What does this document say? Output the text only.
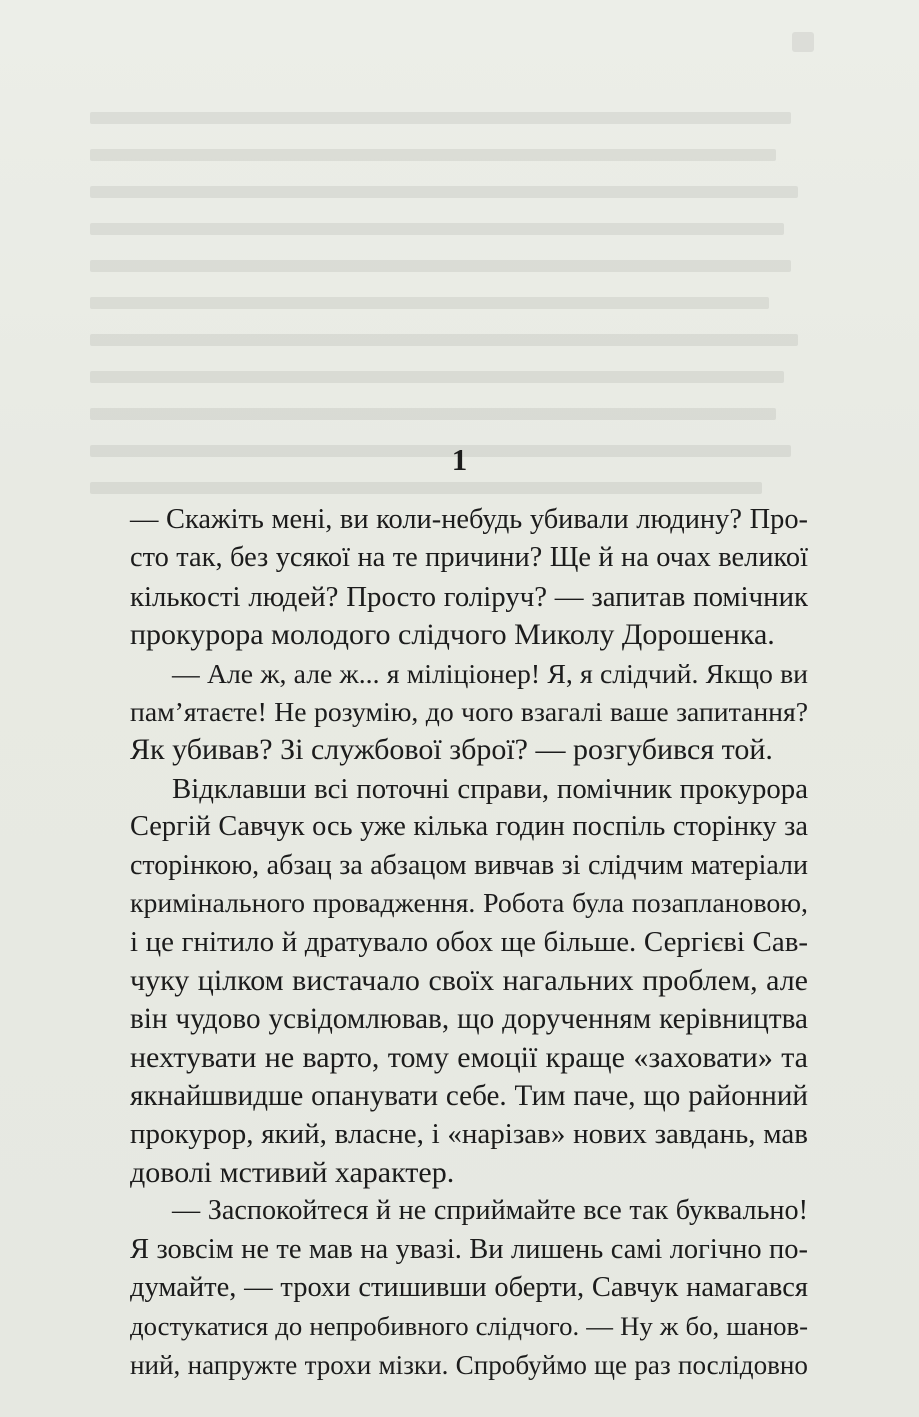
1
— Скажіть мені, ви коли-небудь убивали людину? Про-
сто так, без усякої на те причини? Ще й на очах великої
кількості людей? Просто голіруч? — запитав помічник
прокурора молодого слідчого Миколу Дорошенка.
— Але ж, але ж... я міліціонер! Я, я слідчий. Якщо ви
пам’ятаєте! Не розумію, до чого взагалі ваше запитання?
Як убивав? Зі службової зброї? — розгубився той.
Відклавши всі поточні справи, помічник прокурора
Сергій Савчук ось уже кілька годин поспіль сторінку за
сторінкою, абзац за абзацом вивчав зі слідчим матеріали
кримінального провадження. Робота була позаплановою,
і це гнітило й дратувало обох ще більше. Сергієві Сав-
чуку цілком вистачало своїх нагальних проблем, але
він чудово усвідомлював, що дорученням керівництва
нехтувати не варто, тому емоції краще «заховати» та
якнайшвидше опанувати себе. Тим паче, що районний
прокурор, який, власне, і «нарізав» нових завдань, мав
доволі мстивий характер.
— Заспокойтеся й не сприймайте все так буквально!
Я зовсім не те мав на увазі. Ви лишень самі логічно по-
думайте, — трохи стишивши оберти, Савчук намагався
достукатися до непробивного слідчого. — Ну ж бо, шанов-
ний, напружте трохи мізки. Спробуймо ще раз послідовно
